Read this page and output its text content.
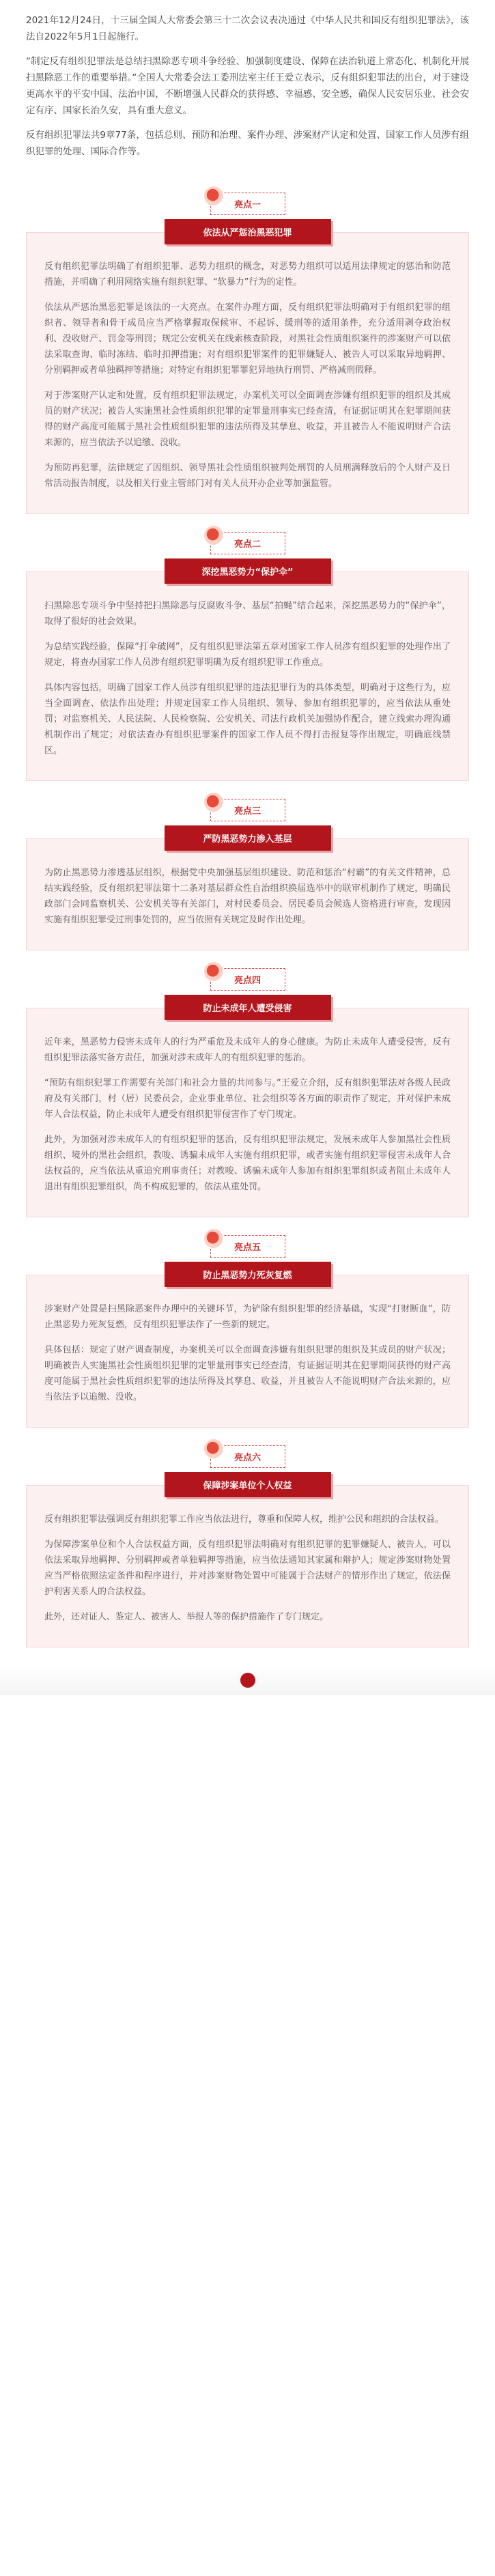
2021年12月24日，十三届全国人大常委会第三十二次会议表决通过《中华人民共和国反有组织犯罪法》，该法自2022年5月1日起施行。

“制定反有组织犯罪法是总结扫黑除恶专项斗争经验、加强制度建设、保障在法治轨道上常态化、机制化开展扫黑除恶工作的重要举措。”全国人大常委会法工委刑法室主任王爱立表示，反有组织犯罪法的出台，对于建设更高水平的平安中国、法治中国，不断增强人民群众的获得感、幸福感、安全感，确保人民安居乐业、社会安定有序、国家长治久安，具有重大意义。

反有组织犯罪法共9章77条，包括总则、预防和治理、案件办理、涉案财产认定和处置、国家工作人员涉有组织犯罪的处理、国际合作等。

亮点一
依法从严惩治黑恶犯罪

反有组织犯罪法明确了有组织犯罪、恶势力组织的概念，对恶势力组织可以适用法律规定的惩治和防范措施，并明确了利用网络实施有组织犯罪、“软暴力”行为的定性。

依法从严惩治黑恶犯罪是该法的一大亮点。在案件办理方面，反有组织犯罪法明确对于有组织犯罪的组织者、领导者和骨干成员应当严格掌握取保候审、不起诉、缓刑等的适用条件，充分适用剥夺政治权利、没收财产、罚金等刑罚；规定公安机关在线索核查阶段，对黑社会性质组织案件的涉案财产可以依法采取查询、临时冻结、临时扣押措施；对有组织犯罪案件的犯罪嫌疑人、被告人可以采取异地羁押、分别羁押或者单独羁押等措施；对特定有组织犯罪罪犯异地执行刑罚、严格减刑假释。

对于涉案财产认定和处置，反有组织犯罪法规定，办案机关可以全面调查涉嫌有组织犯罪的组织及其成员的财产状况；被告人实施黑社会性质组织犯罪的定罪量刑事实已经查清，有证据证明其在犯罪期间获得的财产高度可能属于黑社会性质组织犯罪的违法所得及其孳息、收益，并且被告人不能说明财产合法来源的，应当依法予以追缴、没收。

为预防再犯罪，法律规定了因组织、领导黑社会性质组织被判处刑罚的人员刑满释放后的个人财产及日常活动报告制度，以及相关行业主管部门对有关人员开办企业等加强监管。

亮点二
深挖黑恶势力“保护伞”

扫黑除恶专项斗争中坚持把扫黑除恶与反腐败斗争、基层“拍蝇”结合起来，深挖黑恶势力的“保护伞”，取得了很好的社会效果。

为总结实践经验，保障“打伞破网”，反有组织犯罪法第五章对国家工作人员涉有组织犯罪的处理作出了规定，将查办国家工作人员涉有组织犯罪明确为反有组织犯罪工作重点。

具体内容包括，明确了国家工作人员涉有组织犯罪的违法犯罪行为的具体类型，明确对于这些行为，应当全面调查、依法作出处理；并规定国家工作人员组织、领导、参加有组织犯罪的，应当依法从重处罚；对监察机关、人民法院、人民检察院、公安机关、司法行政机关加强协作配合，建立线索办理沟通机制作出了规定；对依法查办有组织犯罪案件的国家工作人员不得打击报复等作出规定，明确底线禁区。

亮点三
严防黑恶势力渗入基层

为防止黑恶势力渗透基层组织，根据党中央加强基层组织建设、防范和惩治“村霸”的有关文件精神，总结实践经验，反有组织犯罪法第十二条对基层群众性自治组织换届选举中的联审机制作了规定，明确民政部门会同监察机关、公安机关等有关部门，对村民委员会、居民委员会候选人资格进行审查，发现因实施有组织犯罪受过刑事处罚的，应当依照有关规定及时作出处理。

亮点四
防止未成年人遭受侵害

近年来，黑恶势力侵害未成年人的行为严重危及未成年人的身心健康。为防止未成年人遭受侵害，反有组织犯罪法落实备方责任，加强对涉未成年人的有组织犯罪的惩治。

“预防有组织犯罪工作需要有关部门和社会力量的共同参与。”王爱立介绍，反有组织犯罪法对各级人民政府及有关部门，村（居）民委员会，企业事业单位、社会组织等各方面的职责作了规定，并对保护未成年人合法权益，防止未成年人遭受有组织犯罪侵害作了专门规定。

此外，为加强对涉未成年人的有组织犯罪的惩治，反有组织犯罪法规定，发展未成年人参加黑社会性质组织、境外的黑社会组织，教唆、诱骗未成年人实施有组织犯罪，或者实施有组织犯罪侵害未成年人合法权益的，应当依法从重追究刑事责任；对教唆、诱骗未成年人参加有组织犯罪组织或者阻止未成年人退出有组织犯罪组织，尚不构成犯罪的，依法从重处罚。

亮点五
防止黑恶势力死灰复燃

涉案财产处置是扫黑除恶案件办理中的关键环节，为铲除有组织犯罪的经济基础，实现“打财断血”，防止黑恶势力死灰复燃，反有组织犯罪法作了一些新的规定。

具体包括：规定了财产调查制度，办案机关可以全面调查涉嫌有组织犯罪的组织及其成员的财产状况；明确被告人实施黑社会性质组织犯罪的定罪量刑事实已经查清，有证据证明其在犯罪期间获得的财产高度可能属于黑社会性质组织犯罪的违法所得及其孳息、收益，并且被告人不能说明财产合法来源的，应当依法予以追缴、没收。

亮点六
保障涉案单位个人权益

反有组织犯罪法强调反有组织犯罪工作应当依法进行，尊重和保障人权，维护公民和组织的合法权益。

为保障涉案单位和个人合法权益方面，反有组织犯罪法明确对有组织犯罪的犯罪嫌疑人、被告人，可以依法采取异地羁押、分别羁押或者单独羁押等措施，应当依法通知其家属和辩护人；规定涉案财物处置应当严格依照法定条件和程序进行，并对涉案财物处置中可能属于合法财产的情形作出了规定，依法保护利害关系人的合法权益。

此外，还对证人、鉴定人、被害人、举报人等的保护措施作了专门规定。
